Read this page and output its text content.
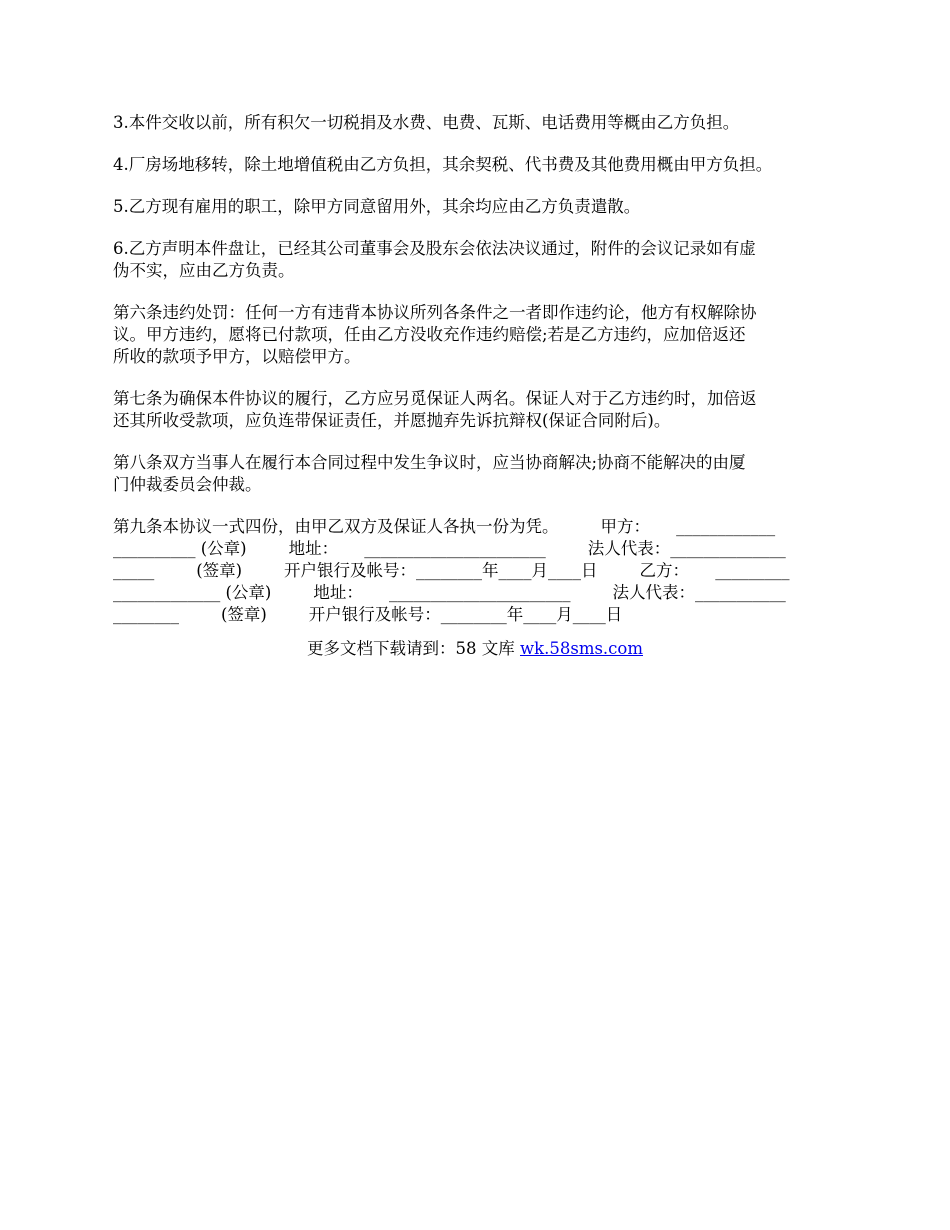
3.本件交收以前，所有积欠一切税捐及水费、电费、瓦斯、电话费用等概由乙方负担。
4.厂房场地移转，除土地增值税由乙方负担，其余契税、代书费及其他费用概由甲方负担。
5.乙方现有雇用的职工，除甲方同意留用外，其余均应由乙方负责遣散。
6.乙方声明本件盘让，已经其公司董事会及股东会依法决议通过，附件的会议记录如有虚
伪不实，应由乙方负责。
第六条违约处罚：任何一方有违背本协议所列各条件之一者即作违约论，他方有权解除协
议。甲方违约，愿将已付款项，任由乙方没收充作违约赔偿;若是乙方违约，应加倍返还
所收的款项予甲方，以赔偿甲方。
第七条为确保本件协议的履行，乙方应另觅保证人两名。保证人对于乙方违约时，加倍返
还其所收受款项，应负连带保证责任，并愿抛弃先诉抗辩权(保证合同附后)。
第八条双方当事人在履行本合同过程中发生争议时，应当协商解决;协商不能解决的由厦
门仲裁委员会仲裁。
第九条本协议一式四份，由甲乙双方及保证人各执一份为凭。        甲方：     ____________
__________ (公章)        地址：     ______________________        法人代表：______________
_____        (签章)        开户银行及帐号：________年____月____日        乙方：     _________
_____________ (公章)        地址：     ______________________        法人代表：___________
________        (签章)        开户银行及帐号：________年____月____日
更多文档下载请到：58 文库 wk.58sms.com
